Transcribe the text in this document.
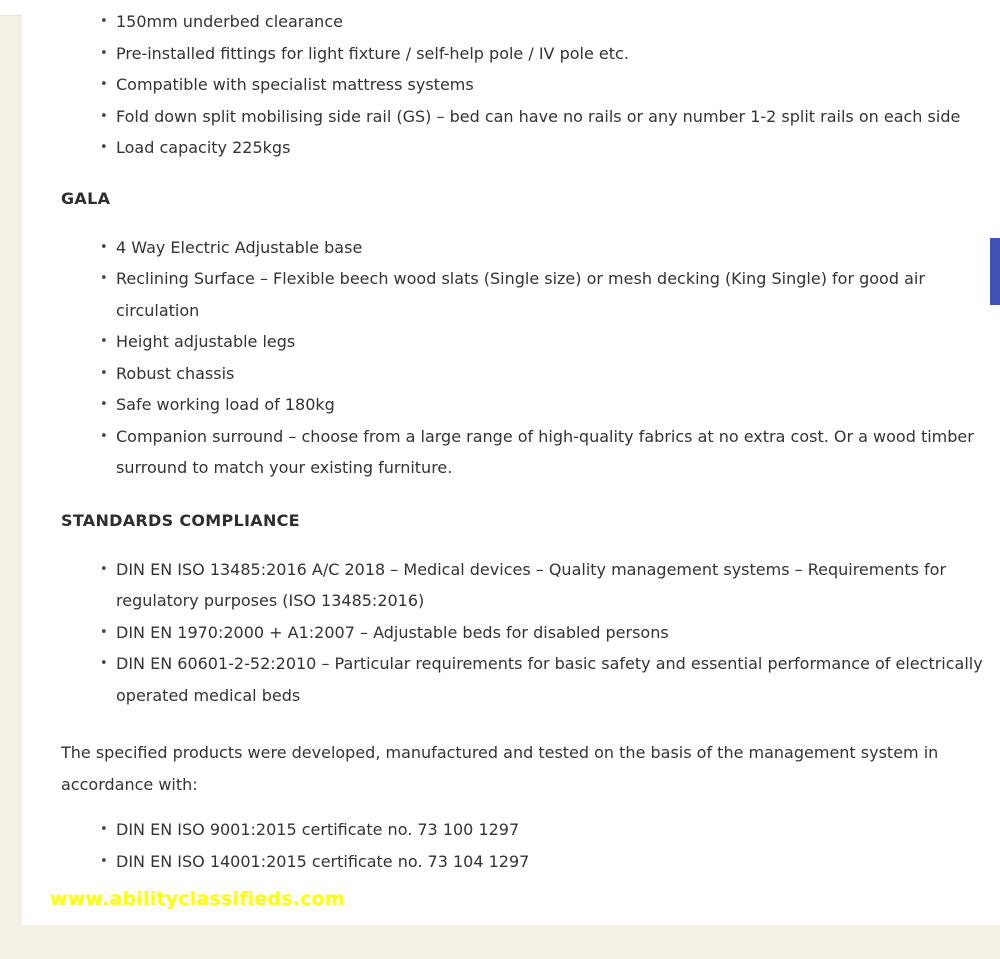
• 150mm underbed clearance
• Pre-installed fittings for light fixture / self-help pole / IV pole etc.
• Compatible with specialist mattress systems
• Fold down split mobilising side rail (GS) – bed can have no rails or any number 1-2 split rails on each side
• Load capacity 225kgs
GALA
• 4 Way Electric Adjustable base
• Reclining Surface – Flexible beech wood slats (Single size) or mesh decking (King Single) for good air circulation
• Height adjustable legs
• Robust chassis
• Safe working load of 180kg
• Companion surround – choose from a large range of high-quality fabrics at no extra cost. Or a wood timber surround to match your existing furniture.
STANDARDS COMPLIANCE
• DIN EN ISO 13485:2016 A/C 2018 – Medical devices – Quality management systems – Requirements for regulatory purposes (ISO 13485:2016)
• DIN EN 1970:2000 + A1:2007 – Adjustable beds for disabled persons
• DIN EN 60601-2-52:2010 – Particular requirements for basic safety and essential performance of electrically operated medical beds

The specified products were developed, manufactured and tested on the basis of the management system in accordance with:

• DIN EN ISO 9001:2015 certificate no. 73 100 1297
• DIN EN ISO 14001:2015 certificate no. 73 104 1297
www.abilityclassifieds.com
